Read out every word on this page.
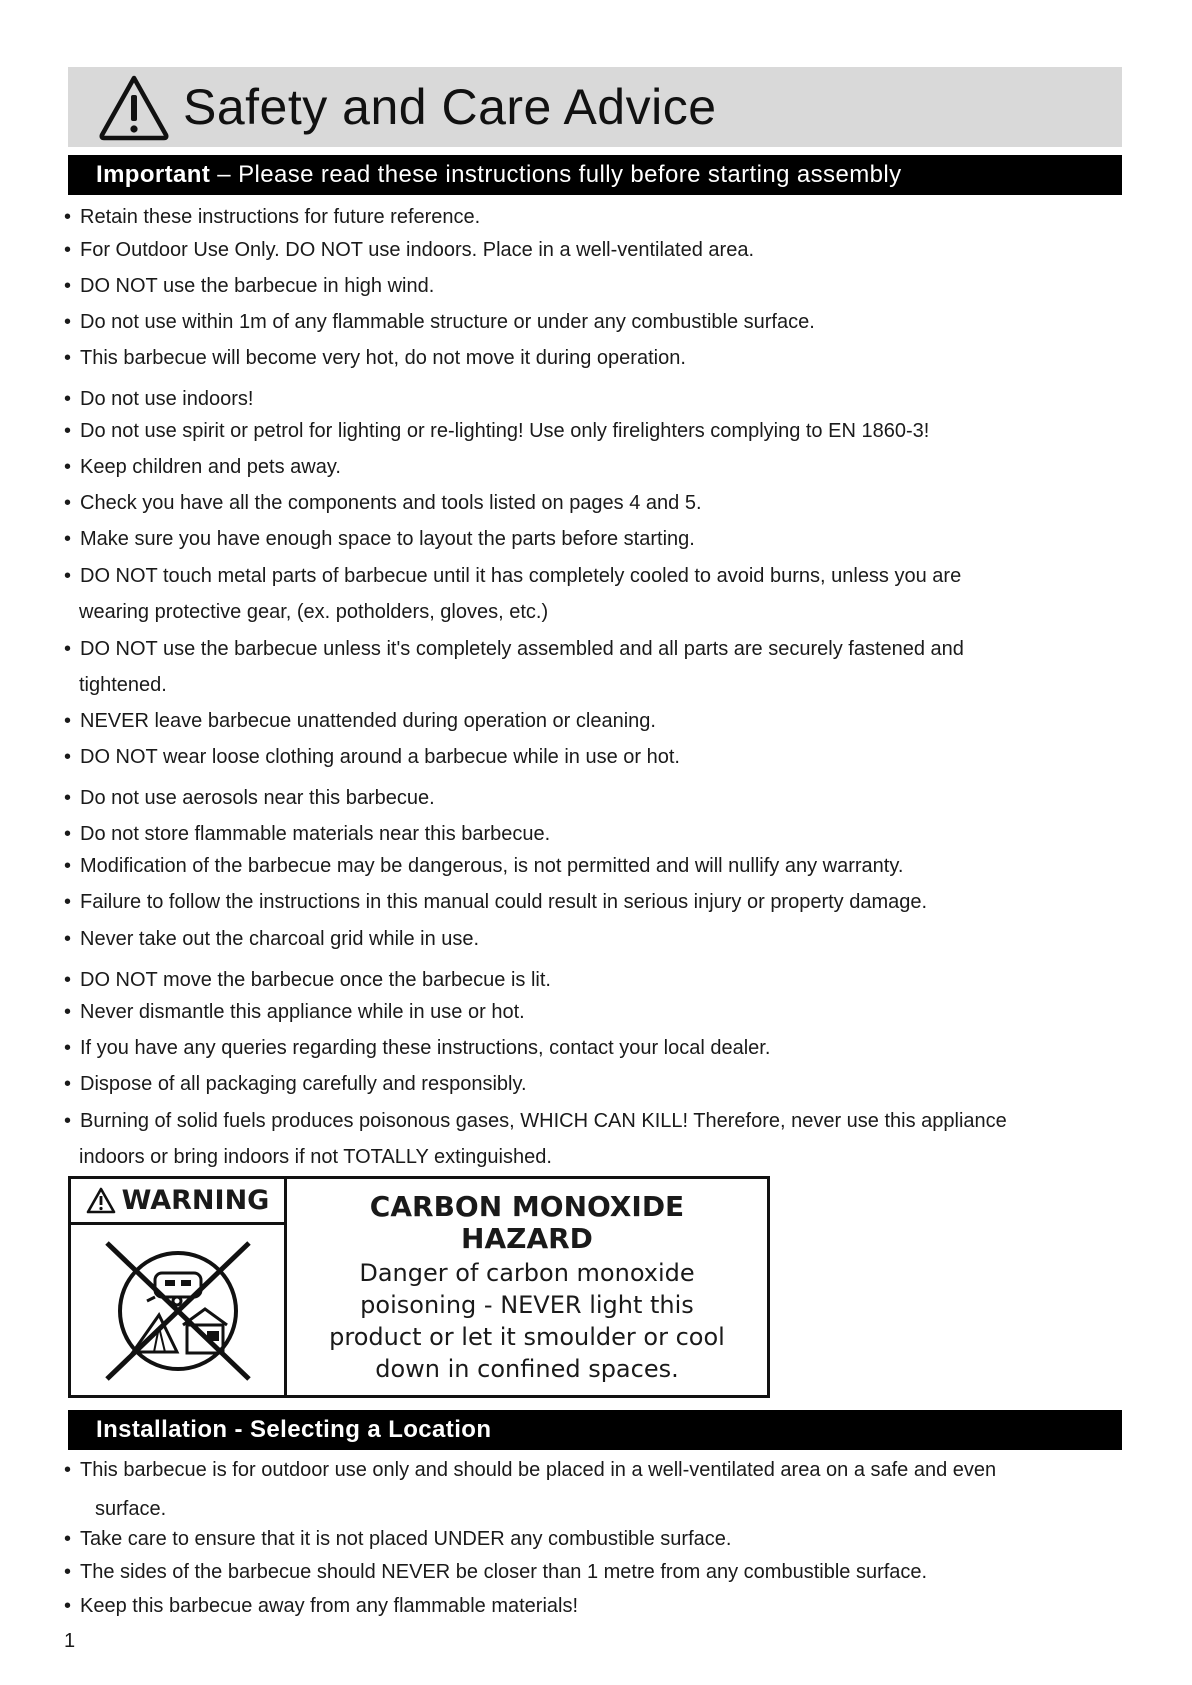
Safety and Care Advice
Important – Please read these instructions fully before starting assembly
• Retain these instructions for future reference.
• For Outdoor Use Only. DO NOT use indoors. Place in a well-ventilated area.
• DO NOT use the barbecue in high wind.
• Do not use within 1m of any flammable structure or under any combustible surface.
• This barbecue will become very hot, do not move it during operation.
• Do not use indoors!
• Do not use spirit or petrol for lighting or re-lighting! Use only firelighters complying to EN 1860-3!
• Keep children and pets away.
• Check you have all the components and tools listed on pages 4 and 5.
• Make sure you have enough space to layout the parts before starting.
• DO NOT touch metal parts of barbecue until it has completely cooled to avoid burns, unless you are
wearing protective gear, (ex. potholders, gloves, etc.)
• DO NOT use the barbecue unless it's completely assembled and all parts are securely fastened and
tightened.
• NEVER leave barbecue unattended during operation or cleaning.
• DO NOT wear loose clothing around a barbecue while in use or hot.
• Do not use aerosols near this barbecue.
• Do not store flammable materials near this barbecue.
• Modification of the barbecue may be dangerous, is not permitted and will nullify any warranty.
• Failure to follow the instructions in this manual could result in serious injury or property damage.
• Never take out the charcoal grid while in use.
• DO NOT move the barbecue once the barbecue is lit.
• Never dismantle this appliance while in use or hot.
• If you have any queries regarding these instructions, contact your local dealer.
• Dispose of all packaging carefully and responsibly.
• Burning of solid fuels produces poisonous gases, WHICH CAN KILL! Therefore, never use this appliance
indoors or bring indoors if not TOTALLY extinguished.
WARNING	CARBON MONOXIDE
HAZARD
Danger of carbon monoxide
poisoning - NEVER light this
product or let it smoulder or cool
down in confined spaces.
Installation - Selecting a Location
• This barbecue is for outdoor use only and should be placed in a well-ventilated area on a safe and even
surface.
• Take care to ensure that it is not placed UNDER any combustible surface.
• The sides of the barbecue should NEVER be closer than 1 metre from any combustible surface.
• Keep this barbecue away from any flammable materials!
1
